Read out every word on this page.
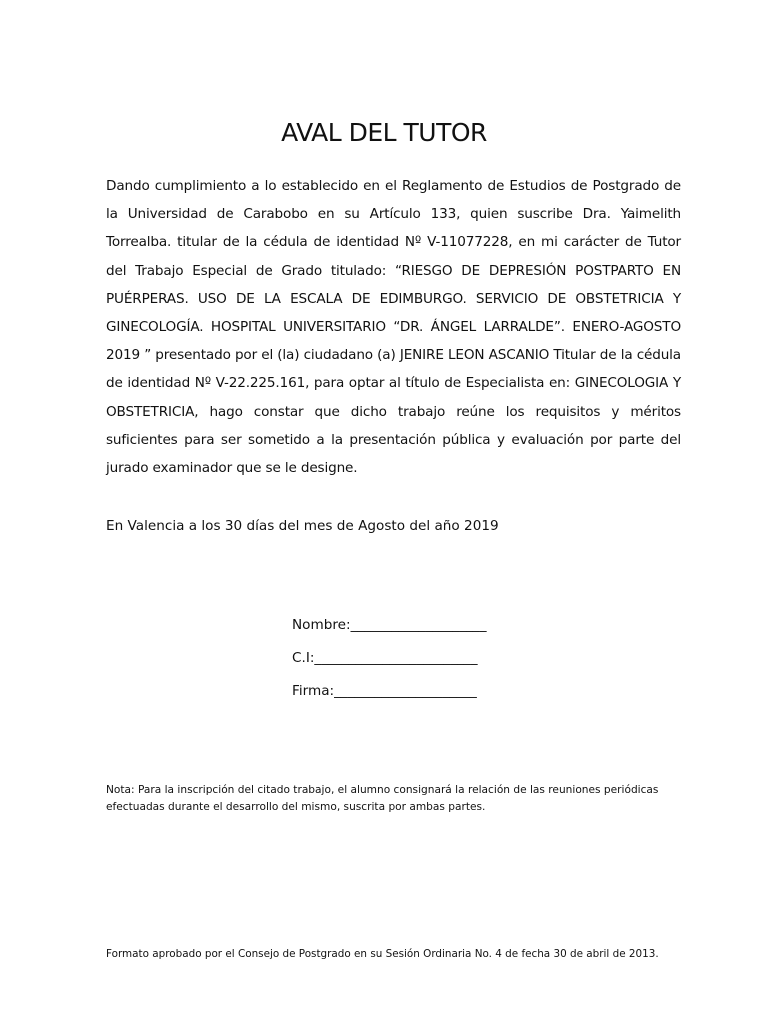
AVAL DEL TUTOR

Dando cumplimiento a lo establecido en el Reglamento de Estudios de Postgrado de la Universidad de Carabobo en su Artículo 133, quien suscribe Dra. Yaimelith Torrealba. titular de la cédula de identidad Nº V-11077228, en mi carácter de Tutor del Trabajo Especial de Grado titulado: “RIESGO DE DEPRESIÓN POSTPARTO EN PUÉRPERAS. USO DE LA ESCALA DE EDIMBURGO. SERVICIO DE OBSTETRICIA Y GINECOLOGÍA. HOSPITAL UNIVERSITARIO “DR. ÁNGEL LARRALDE”. ENERO-AGOSTO 2019 ” presentado por el (la) ciudadano (a) JENIRE LEON ASCANIO Titular de la cédula de identidad Nº V-22.225.161, para optar al título de Especialista en: GINECOLOGIA Y OBSTETRICIA, hago constar que dicho trabajo reúne los requisitos y méritos suficientes para ser sometido a la presentación pública y evaluación por parte del jurado examinador que se le designe.

En Valencia a los 30 días del mes de Agosto del año 2019

Nombre:____________________
C.I:________________________
Firma:_____________________

Nota: Para la inscripción del citado trabajo, el alumno consignará la relación de las reuniones periódicas efectuadas durante el desarrollo del mismo, suscrita por ambas partes.

Formato aprobado por el Consejo de Postgrado en su Sesión Ordinaria No. 4 de fecha 30 de abril de 2013.
